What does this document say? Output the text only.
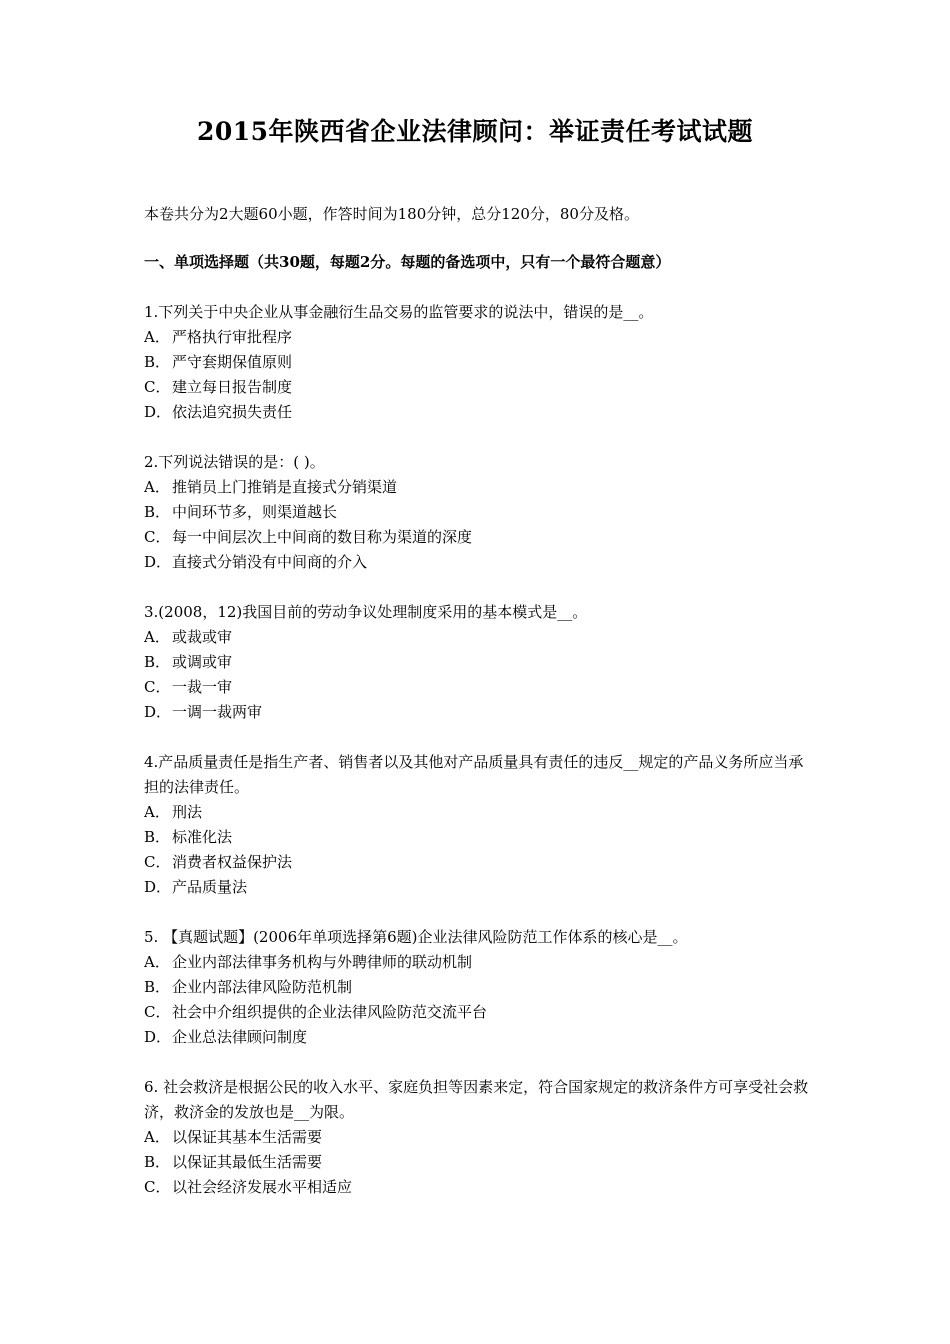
2015年陕西省企业法律顾问：举证责任考试试题
本卷共分为2大题60小题，作答时间为180分钟，总分120分，80分及格。
一、单项选择题（共30题，每题2分。每题的备选项中，只有一个最符合题意）
1.下列关于中央企业从事金融衍生品交易的监管要求的说法中，错误的是__。
A． 严格执行审批程序
B． 严守套期保值原则
C． 建立每日报告制度
D．依法追究损失责任
2.下列说法错误的是：( )。
A． 推销员上门推销是直接式分销渠道
B． 中间环节多，则渠道越长
C． 每一中间层次上中间商的数目称为渠道的深度
D．直接式分销没有中间商的介入
3.(2008，12)我国目前的劳动争议处理制度采用的基本模式是__。
A． 或裁或审
B． 或调或审
C． 一裁一审
D．一调一裁两审
4.产品质量责任是指生产者、销售者以及其他对产品质量具有责任的违反__规定的产品义务所应当承担的法律责任。
A． 刑法
B． 标准化法
C． 消费者权益保护法
D．产品质量法
5. 【真题试题】(2006年单项选择第6题)企业法律风险防范工作体系的核心是__。
A． 企业内部法律事务机构与外聘律师的联动机制
B． 企业内部法律风险防范机制
C． 社会中介组织提供的企业法律风险防范交流平台
D．企业总法律顾问制度
6. 社会救济是根据公民的收入水平、家庭负担等因素来定，符合国家规定的救济条件方可享受社会救济，救济金的发放也是__为限。
A． 以保证其基本生活需要
B． 以保证其最低生活需要
C． 以社会经济发展水平相适应
